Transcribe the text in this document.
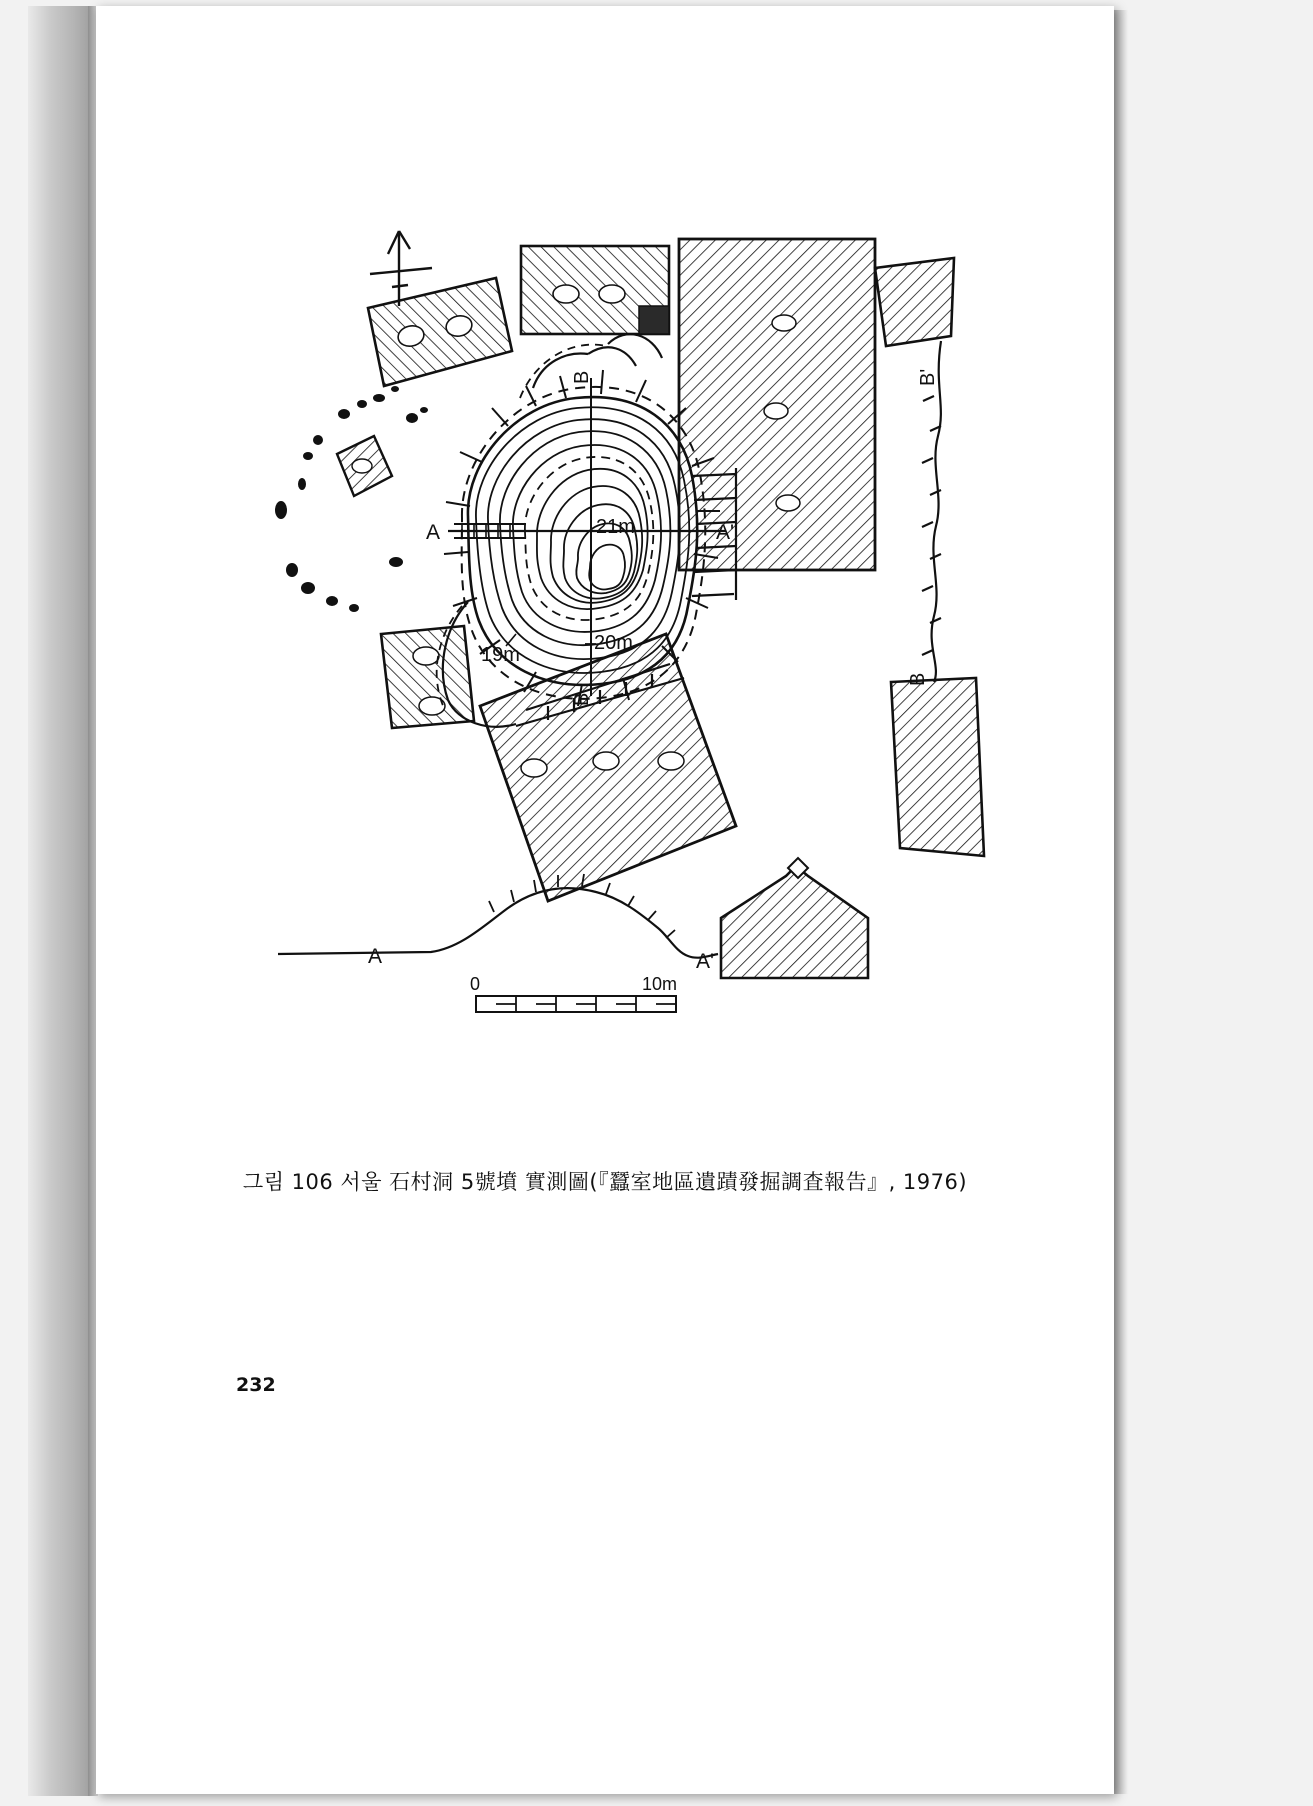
B'
B
A	A'
B
B
21m
20m
19m
A	A'
0	10m
그림 106 서울 石村洞 5號墳 實測圖(『蠶室地區遺蹟發掘調査報告』, 1976)
232
